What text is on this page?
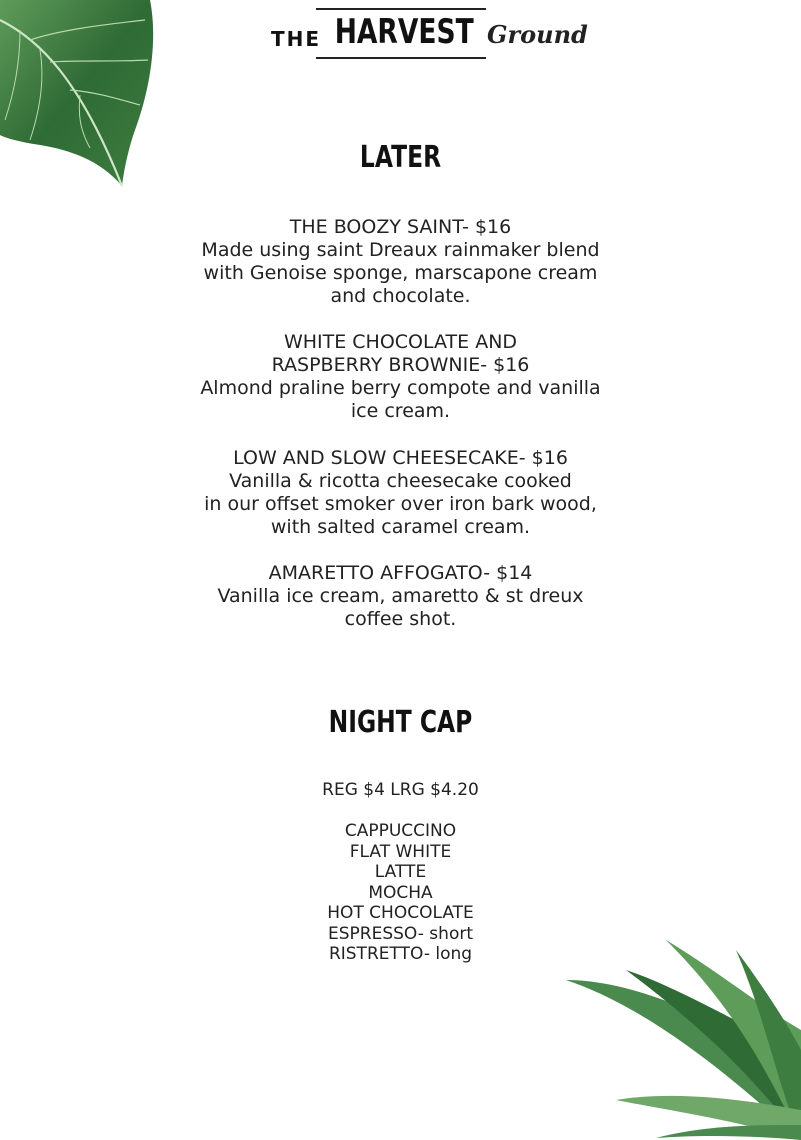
THE HARVEST Ground
LATER
THE BOOZY SAINT- $16
Made using saint Dreaux rainmaker blend
with Genoise sponge, marscapone cream
and chocolate.
WHITE CHOCOLATE AND
RASPBERRY BROWNIE- $16
Almond praline berry compote and vanilla
ice cream.
LOW AND SLOW CHEESECAKE- $16
Vanilla & ricotta cheesecake cooked
in our offset smoker over iron bark wood,
with salted caramel cream.
AMARETTO AFFOGATO- $14
Vanilla ice cream, amaretto & st dreux
coffee shot.
NIGHT CAP
REG $4 LRG $4.20
CAPPUCCINO
FLAT WHITE
LATTE
MOCHA
HOT CHOCOLATE
ESPRESSO- short
RISTRETTO- long
